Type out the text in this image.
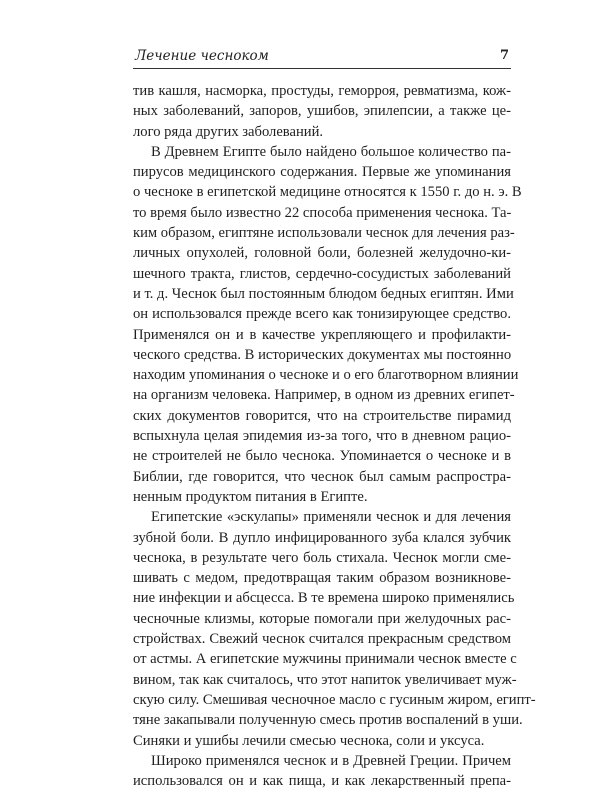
Лечение чесноком	7
тив кашля, насморка, простуды, геморроя, ревматизма, кож-
ных заболеваний, запоров, ушибов, эпилепсии, а также це-
лого ряда других заболеваний.
В Древнем Египте было найдено большое количество па-
пирусов медицинского содержания. Первые же упоминания
о чесноке в египетской медицине относятся к 1550 г. до н. э. В
то время было известно 22 способа применения чеснока. Та-
ким образом, египтяне использовали чеснок для лечения раз-
личных опухолей, головной боли, болезней желудочно-ки-
шечного тракта, глистов, сердечно-сосудистых заболеваний
и т. д. Чеснок был постоянным блюдом бедных египтян. Ими
он использовался прежде всего как тонизирующее средство.
Применялся он и в качестве укрепляющего и профилакти-
ческого средства. В исторических документах мы постоянно
находим упоминания о чесноке и о его благотворном влиянии
на организм человека. Например, в одном из древних египет-
ских документов говорится, что на строительстве пирамид
вспыхнула целая эпидемия из-за того, что в дневном рацио-
не строителей не было чеснока. Упоминается о чесноке и в
Библии, где говорится, что чеснок был самым распростра-
ненным продуктом питания в Египте.
Египетские «эскулапы» применяли чеснок и для лечения
зубной боли. В дупло инфицированного зуба клался зубчик
чеснока, в результате чего боль стихала. Чеснок могли сме-
шивать с медом, предотвращая таким образом возникнове-
ние инфекции и абсцесса. В те времена широко применялись
чесночные клизмы, которые помогали при желудочных рас-
стройствах. Свежий чеснок считался прекрасным средством
от астмы. А египетские мужчины принимали чеснок вместе с
вином, так как считалось, что этот напиток увеличивает муж-
скую силу. Смешивая чесночное масло с гусиным жиром, египт-
тяне закапывали полученную смесь против воспалений в уши.
Синяки и ушибы лечили смесью чеснока, соли и уксуса.
Широко применялся чеснок и в Древней Греции. Причем
использовался он и как пища, и как лекарственный препа-
